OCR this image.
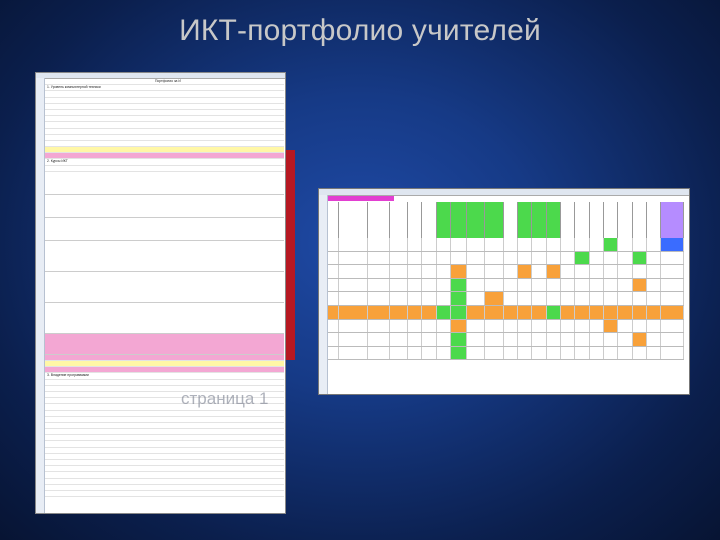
ИКТ-портфолио учителей
Портфолио за И
1. Уровень компьютерной техники
2. Курсы ИКТ
3. Владение программами
страница 1
